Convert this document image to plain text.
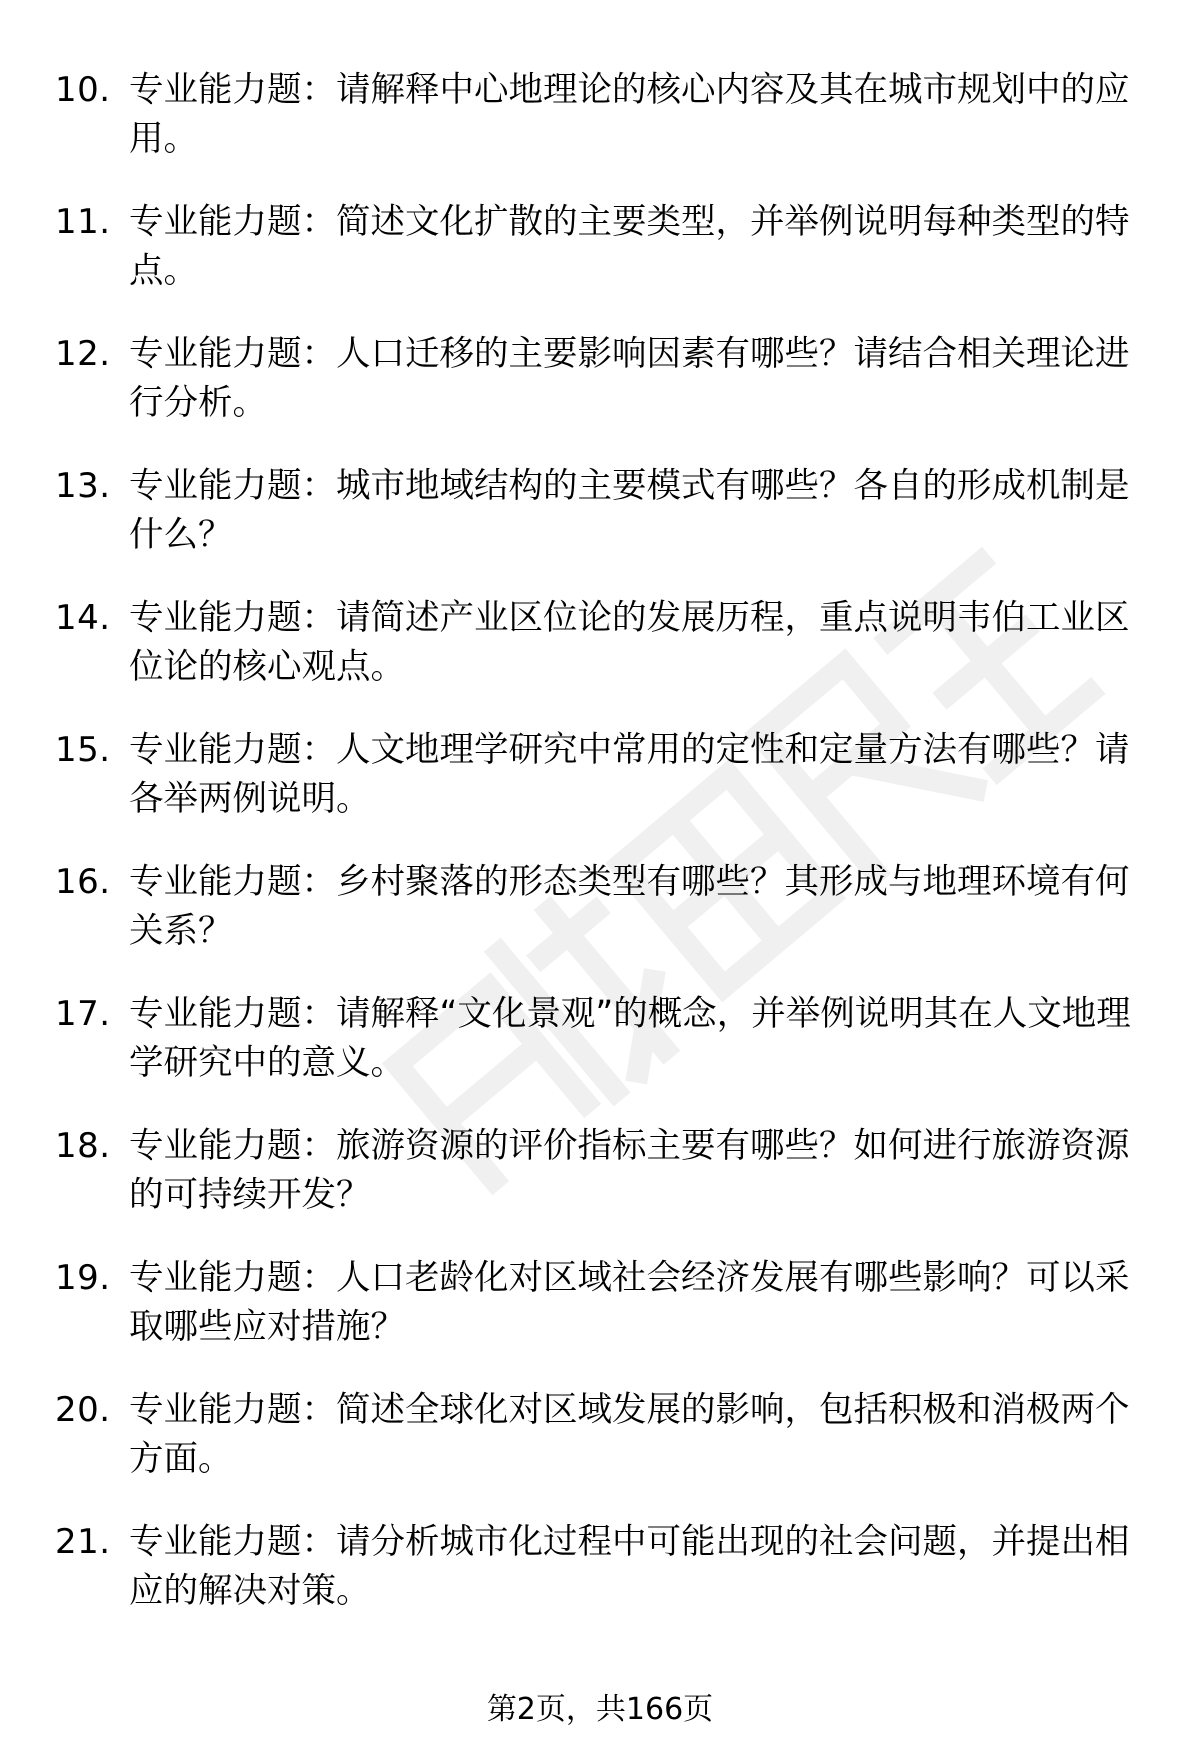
10. 专业能力题：请解释中心地理论的核心内容及其在城市规划中的应用。
11. 专业能力题：简述文化扩散的主要类型，并举例说明每种类型的特点。
12. 专业能力题：人口迁移的主要影响因素有哪些？请结合相关理论进行分析。
13. 专业能力题：城市地域结构的主要模式有哪些？各自的形成机制是什么？
14. 专业能力题：请简述产业区位论的发展历程，重点说明韦伯工业区位论的核心观点。
15. 专业能力题：人文地理学研究中常用的定性和定量方法有哪些？请各举两例说明。
16. 专业能力题：乡村聚落的形态类型有哪些？其形成与地理环境有何关系？
17. 专业能力题：请解释“文化景观”的概念，并举例说明其在人文地理学研究中的意义。
18. 专业能力题：旅游资源的评价指标主要有哪些？如何进行旅游资源的可持续开发？
19. 专业能力题：人口老龄化对区域社会经济发展有哪些影响？可以采取哪些应对措施？
20. 专业能力题：简述全球化对区域发展的影响，包括积极和消极两个方面。
21. 专业能力题：请分析城市化过程中可能出现的社会问题，并提出相应的解决对策。
第2页，共166页
